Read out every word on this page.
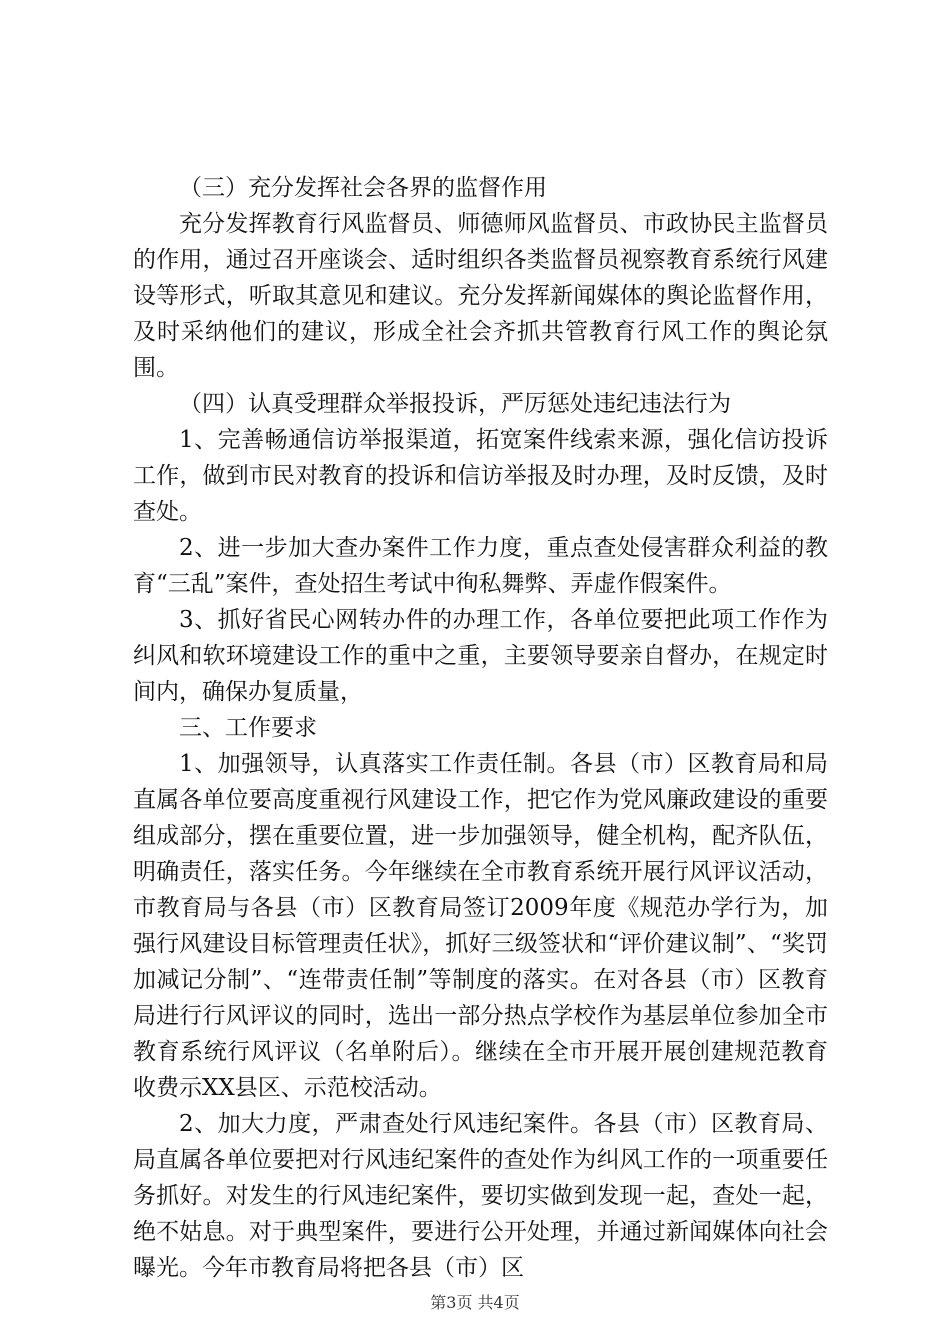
（三）充分发挥社会各界的监督作用

充分发挥教育行风监督员、师德师风监督员、市政协民主监督员的作用，通过召开座谈会、适时组织各类监督员视察教育系统行风建设等形式，听取其意见和建议。充分发挥新闻媒体的舆论监督作用，及时采纳他们的建议，形成全社会齐抓共管教育行风工作的舆论氛围。

（四）认真受理群众举报投诉，严厉惩处违纪违法行为

1、完善畅通信访举报渠道，拓宽案件线索来源，强化信访投诉工作，做到市民对教育的投诉和信访举报及时办理，及时反馈，及时查处。

2、进一步加大查办案件工作力度，重点查处侵害群众利益的教育“三乱”案件，查处招生考试中徇私舞弊、弄虚作假案件。

3、抓好省民心网转办件的办理工作，各单位要把此项工作作为纠风和软环境建设工作的重中之重，主要领导要亲自督办，在规定时间内，确保办复质量，

三、工作要求

1、加强领导，认真落实工作责任制。各县（市）区教育局和局直属各单位要高度重视行风建设工作，把它作为党风廉政建设的重要组成部分，摆在重要位置，进一步加强领导，健全机构，配齐队伍，明确责任，落实任务。今年继续在全市教育系统开展行风评议活动，市教育局与各县（市）区教育局签订2009年度《规范办学行为，加强行风建设目标管理责任状》，抓好三级签状和“评价建议制”、“奖罚加减记分制”、“连带责任制”等制度的落实。在对各县（市）区教育局进行行风评议的同时，选出一部分热点学校作为基层单位参加全市教育系统行风评议（名单附后）。继续在全市开展开展创建规范教育收费示XX县区、示范校活动。

2、加大力度，严肃查处行风违纪案件。各县（市）区教育局、局直属各单位要把对行风违纪案件的查处作为纠风工作的一项重要任务抓好。对发生的行风违纪案件，要切实做到发现一起，查处一起，绝不姑息。对于典型案件，要进行公开处理，并通过新闻媒体向社会曝光。今年市教育局将把各县（市）区

第3页 共4页
